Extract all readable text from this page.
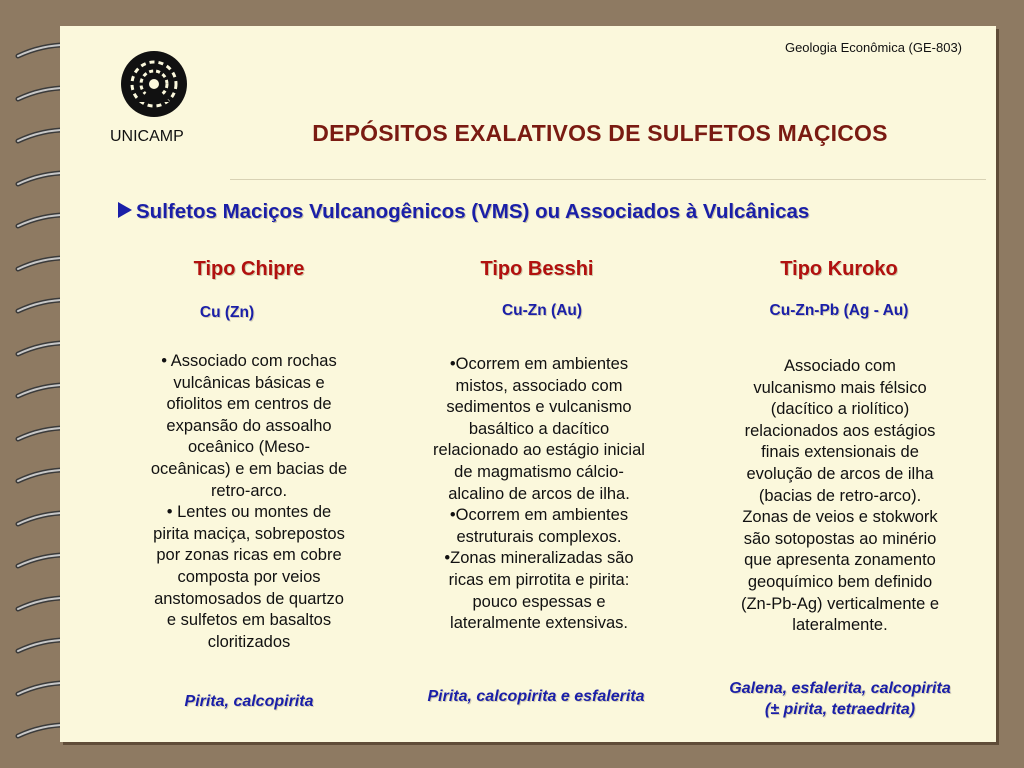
Geologia Econômica (GE-803)
UNICAMP	DEPÓSITOS EXALATIVOS DE SULFETOS MAÇICOS
Sulfetos Maciços Vulcanogênicos (VMS) ou Associados à Vulcânicas
Tipo Chipre
Cu (Zn)
• Associado com rochas
vulcânicas básicas e
ofiolitos em centros de
expansão do assoalho
oceânico (Meso-
oceânicas) e em bacias de
retro-arco.
• Lentes ou montes de
pirita maciça, sobrepostos
por zonas ricas em cobre
composta por veios
anstomosados de quartzo
e sulfetos em basaltos
cloritizados
Pirita, calcopirita
Tipo Besshi
Cu-Zn (Au)
•Ocorrem em ambientes
mistos, associado com
sedimentos e vulcanismo
basáltico a dacítico
relacionado ao estágio inicial
de magmatismo cálcio-
alcalino de arcos de ilha.
•Ocorrem em ambientes
estruturais complexos.
•Zonas mineralizadas são
ricas em pirrotita e pirita:
pouco espessas e
lateralmente extensivas.
Pirita, calcopirita e esfalerita
Tipo Kuroko
Cu-Zn-Pb (Ag - Au)
Associado com
vulcanismo mais félsico
(dacítico a riolítico)
relacionados aos estágios
finais extensionais de
evolução de arcos de ilha
(bacias de retro-arco).
Zonas de veios e stokwork
são sotopostas ao minério
que apresenta zonamento
geoquímico bem definido
(Zn-Pb-Ag) verticalmente e
lateralmente.
Galena, esfalerita, calcopirita
(± pirita, tetraedrita)
